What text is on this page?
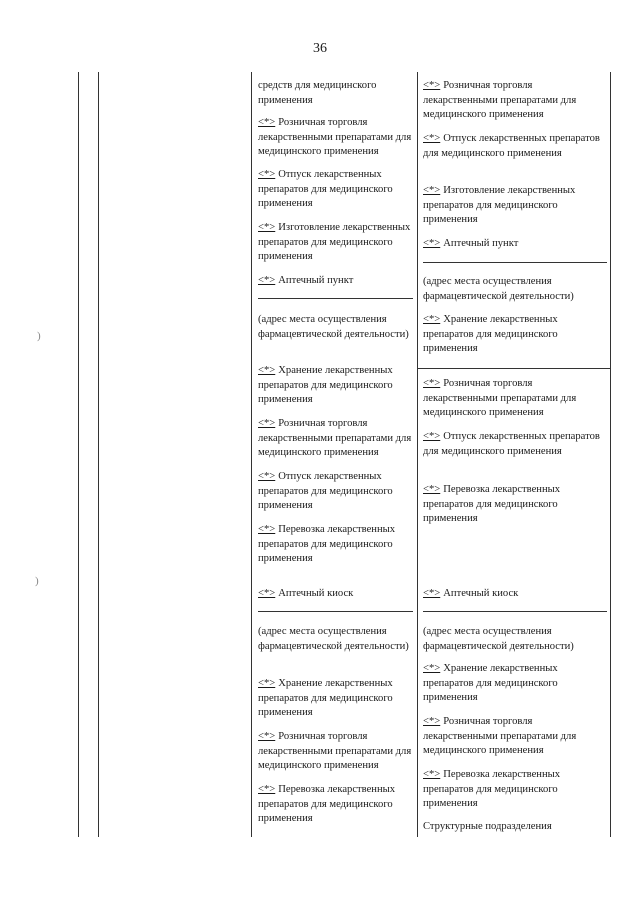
36
)
)

средств для медицинского применения

<*> Розничная торговля лекарственными препаратами для медицинского применения

<*> Отпуск лекарственных препаратов для медицинского применения

<*> Изготовление лекарственных препаратов для медицинского применения

<*> Аптечный пункт

(адрес места осуществления фармацевтической деятельности)

<*> Хранение лекарственных препаратов для медицинского применения

<*> Розничная торговля лекарственными препаратами для медицинского применения

<*> Отпуск лекарственных препаратов для медицинского применения

<*> Перевозка лекарственных препаратов для медицинского применения

<*> Аптечный киоск

(адрес места осуществления фармацевтической деятельности)

<*> Хранение лекарственных препаратов для медицинского применения

<*> Розничная торговля лекарственными препаратами для медицинского применения

<*> Перевозка лекарственных препаратов для медицинского применения

<*> Розничная торговля лекарственными препаратами для медицинского применения

<*> Отпуск лекарственных препаратов для медицинского применения

<*> Изготовление лекарственных препаратов для медицинского применения

<*> Аптечный пункт

(адрес места осуществления фармацевтической деятельности)

<*> Хранение лекарственных препаратов для медицинского применения

<*> Розничная торговля лекарственными препаратами для медицинского применения

<*> Отпуск лекарственных препаратов для медицинского применения

<*> Перевозка лекарственных препаратов для медицинского применения

<*> Аптечный киоск

(адрес места осуществления фармацевтической деятельности)

<*> Хранение лекарственных препаратов для медицинского применения

<*> Розничная торговля лекарственными препаратами для медицинского применения

<*> Перевозка лекарственных препаратов для медицинского применения

Структурные подразделения
